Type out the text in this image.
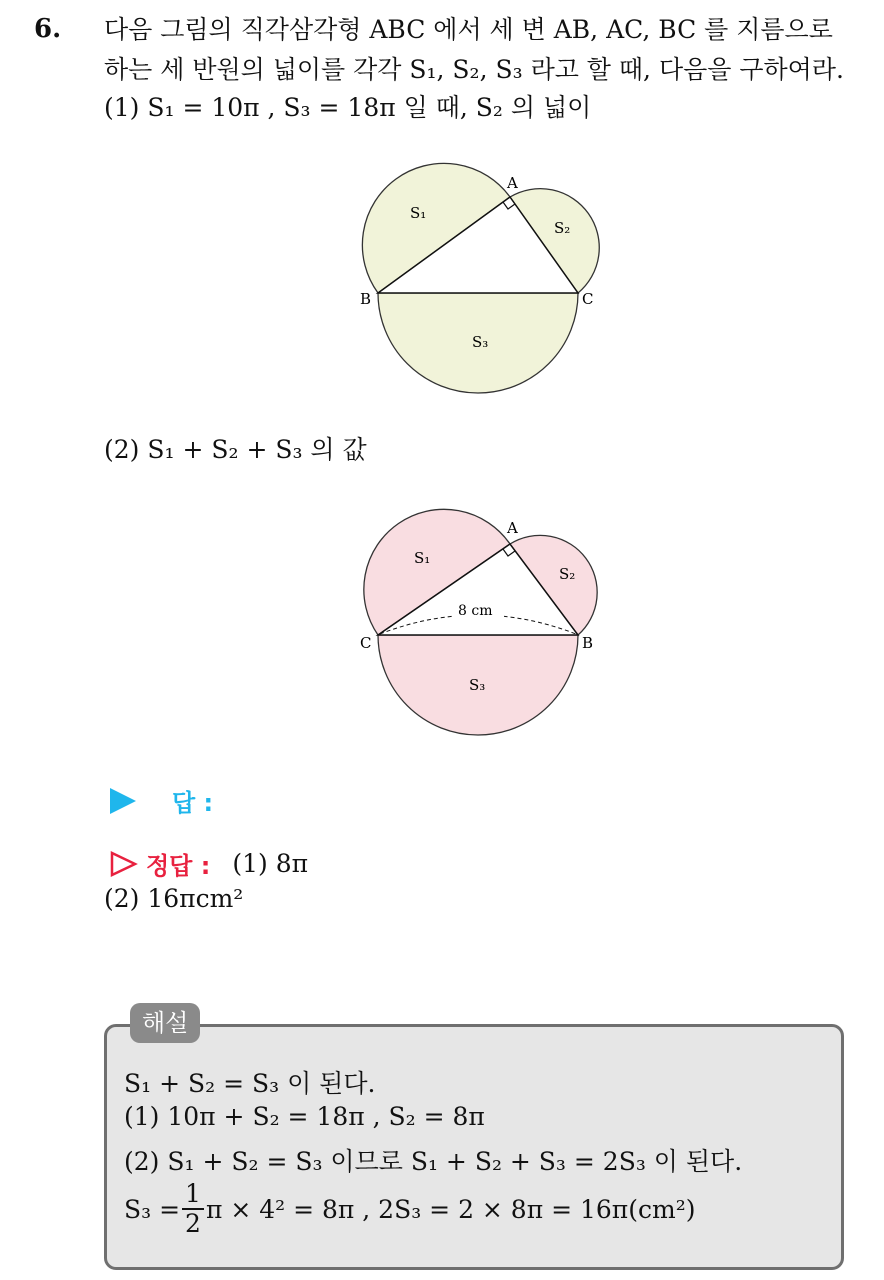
6. 다음 그림의 직각삼각형 ABC 에서 세 변 AB, AC, BC 를 지름으로
하는 세 반원의 넓이를 각각 S₁, S₂, S₃ 라고 할 때, 다음을 구하여라.
(1) S₁ = 10π , S₃ = 18π 일 때, S₂ 의 넓이
A
B	C
S₁
S₂
S₃
(2) S₁ + S₂ + S₃ 의 값
8 cm
A
C	B
S₁
S₂
S₃
답 :
정답 : (1) 8π
(2) 16πcm²
해설
S₁ + S₂ = S₃ 이 된다.
(1) 10π + S₂ = 18π , S₂ = 8π
(2) S₁ + S₂ = S₃ 이므로 S₁ + S₂ + S₃ = 2S₃ 이 된다.
$S_3 = \frac{1}{2}$ π × 4² = 8π , 2S₃ = 2 × 8π = 16π(cm²)
